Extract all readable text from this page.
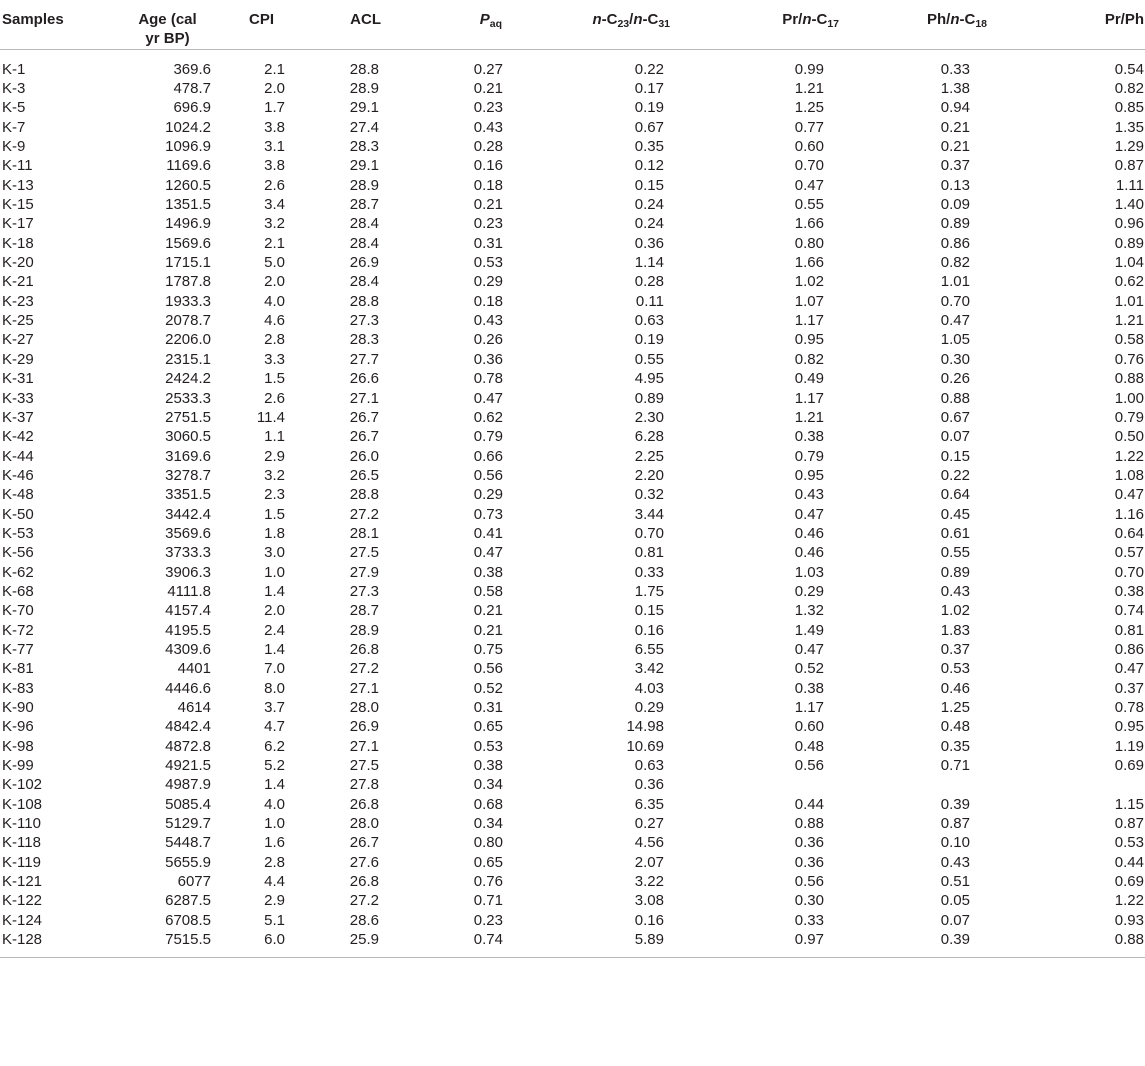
Samples	Age (cal
yr BP)	CPI	ACL	$P_{aq}$	$n-C_{23}/n-C_{31}$	$Pr/n-C_{17}$	$Ph/n-C_{18}$	Pr/Ph
K-1	369.6	2.1	28.8	0.27	0.22	0.99	0.33	0.54
K-3	478.7	2.0	28.9	0.21	0.17	1.21	1.38	0.82
K-5	696.9	1.7	29.1	0.23	0.19	1.25	0.94	0.85
K-7	1024.2	3.8	27.4	0.43	0.67	0.77	0.21	1.35
K-9	1096.9	3.1	28.3	0.28	0.35	0.60	0.21	1.29
K-11	1169.6	3.8	29.1	0.16	0.12	0.70	0.37	0.87
K-13	1260.5	2.6	28.9	0.18	0.15	0.47	0.13	1.11
K-15	1351.5	3.4	28.7	0.21	0.24	0.55	0.09	1.40
K-17	1496.9	3.2	28.4	0.23	0.24	1.66	0.89	0.96
K-18	1569.6	2.1	28.4	0.31	0.36	0.80	0.86	0.89
K-20	1715.1	5.0	26.9	0.53	1.14	1.66	0.82	1.04
K-21	1787.8	2.0	28.4	0.29	0.28	1.02	1.01	0.62
K-23	1933.3	4.0	28.8	0.18	0.11	1.07	0.70	1.01
K-25	2078.7	4.6	27.3	0.43	0.63	1.17	0.47	1.21
K-27	2206.0	2.8	28.3	0.26	0.19	0.95	1.05	0.58
K-29	2315.1	3.3	27.7	0.36	0.55	0.82	0.30	0.76
K-31	2424.2	1.5	26.6	0.78	4.95	0.49	0.26	0.88
K-33	2533.3	2.6	27.1	0.47	0.89	1.17	0.88	1.00
K-37	2751.5	11.4	26.7	0.62	2.30	1.21	0.67	0.79
K-42	3060.5	1.1	26.7	0.79	6.28	0.38	0.07	0.50
K-44	3169.6	2.9	26.0	0.66	2.25	0.79	0.15	1.22
K-46	3278.7	3.2	26.5	0.56	2.20	0.95	0.22	1.08
K-48	3351.5	2.3	28.8	0.29	0.32	0.43	0.64	0.47
K-50	3442.4	1.5	27.2	0.73	3.44	0.47	0.45	1.16
K-53	3569.6	1.8	28.1	0.41	0.70	0.46	0.61	0.64
K-56	3733.3	3.0	27.5	0.47	0.81	0.46	0.55	0.57
K-62	3906.3	1.0	27.9	0.38	0.33	1.03	0.89	0.70
K-68	4111.8	1.4	27.3	0.58	1.75	0.29	0.43	0.38
K-70	4157.4	2.0	28.7	0.21	0.15	1.32	1.02	0.74
K-72	4195.5	2.4	28.9	0.21	0.16	1.49	1.83	0.81
K-77	4309.6	1.4	26.8	0.75	6.55	0.47	0.37	0.86
K-81	4401	7.0	27.2	0.56	3.42	0.52	0.53	0.47
K-83	4446.6	8.0	27.1	0.52	4.03	0.38	0.46	0.37
K-90	4614	3.7	28.0	0.31	0.29	1.17	1.25	0.78
K-96	4842.4	4.7	26.9	0.65	14.98	0.60	0.48	0.95
K-98	4872.8	6.2	27.1	0.53	10.69	0.48	0.35	1.19
K-99	4921.5	5.2	27.5	0.38	0.63	0.56	0.71	0.69
K-102	4987.9	1.4	27.8	0.34	0.36			
K-108	5085.4	4.0	26.8	0.68	6.35	0.44	0.39	1.15
K-110	5129.7	1.0	28.0	0.34	0.27	0.88	0.87	0.87
K-118	5448.7	1.6	26.7	0.80	4.56	0.36	0.10	0.53
K-119	5655.9	2.8	27.6	0.65	2.07	0.36	0.43	0.44
K-121	6077	4.4	26.8	0.76	3.22	0.56	0.51	0.69
K-122	6287.5	2.9	27.2	0.71	3.08	0.30	0.05	1.22
K-124	6708.5	5.1	28.6	0.23	0.16	0.33	0.07	0.93
K-128	7515.5	6.0	25.9	0.74	5.89	0.97	0.39	0.88
